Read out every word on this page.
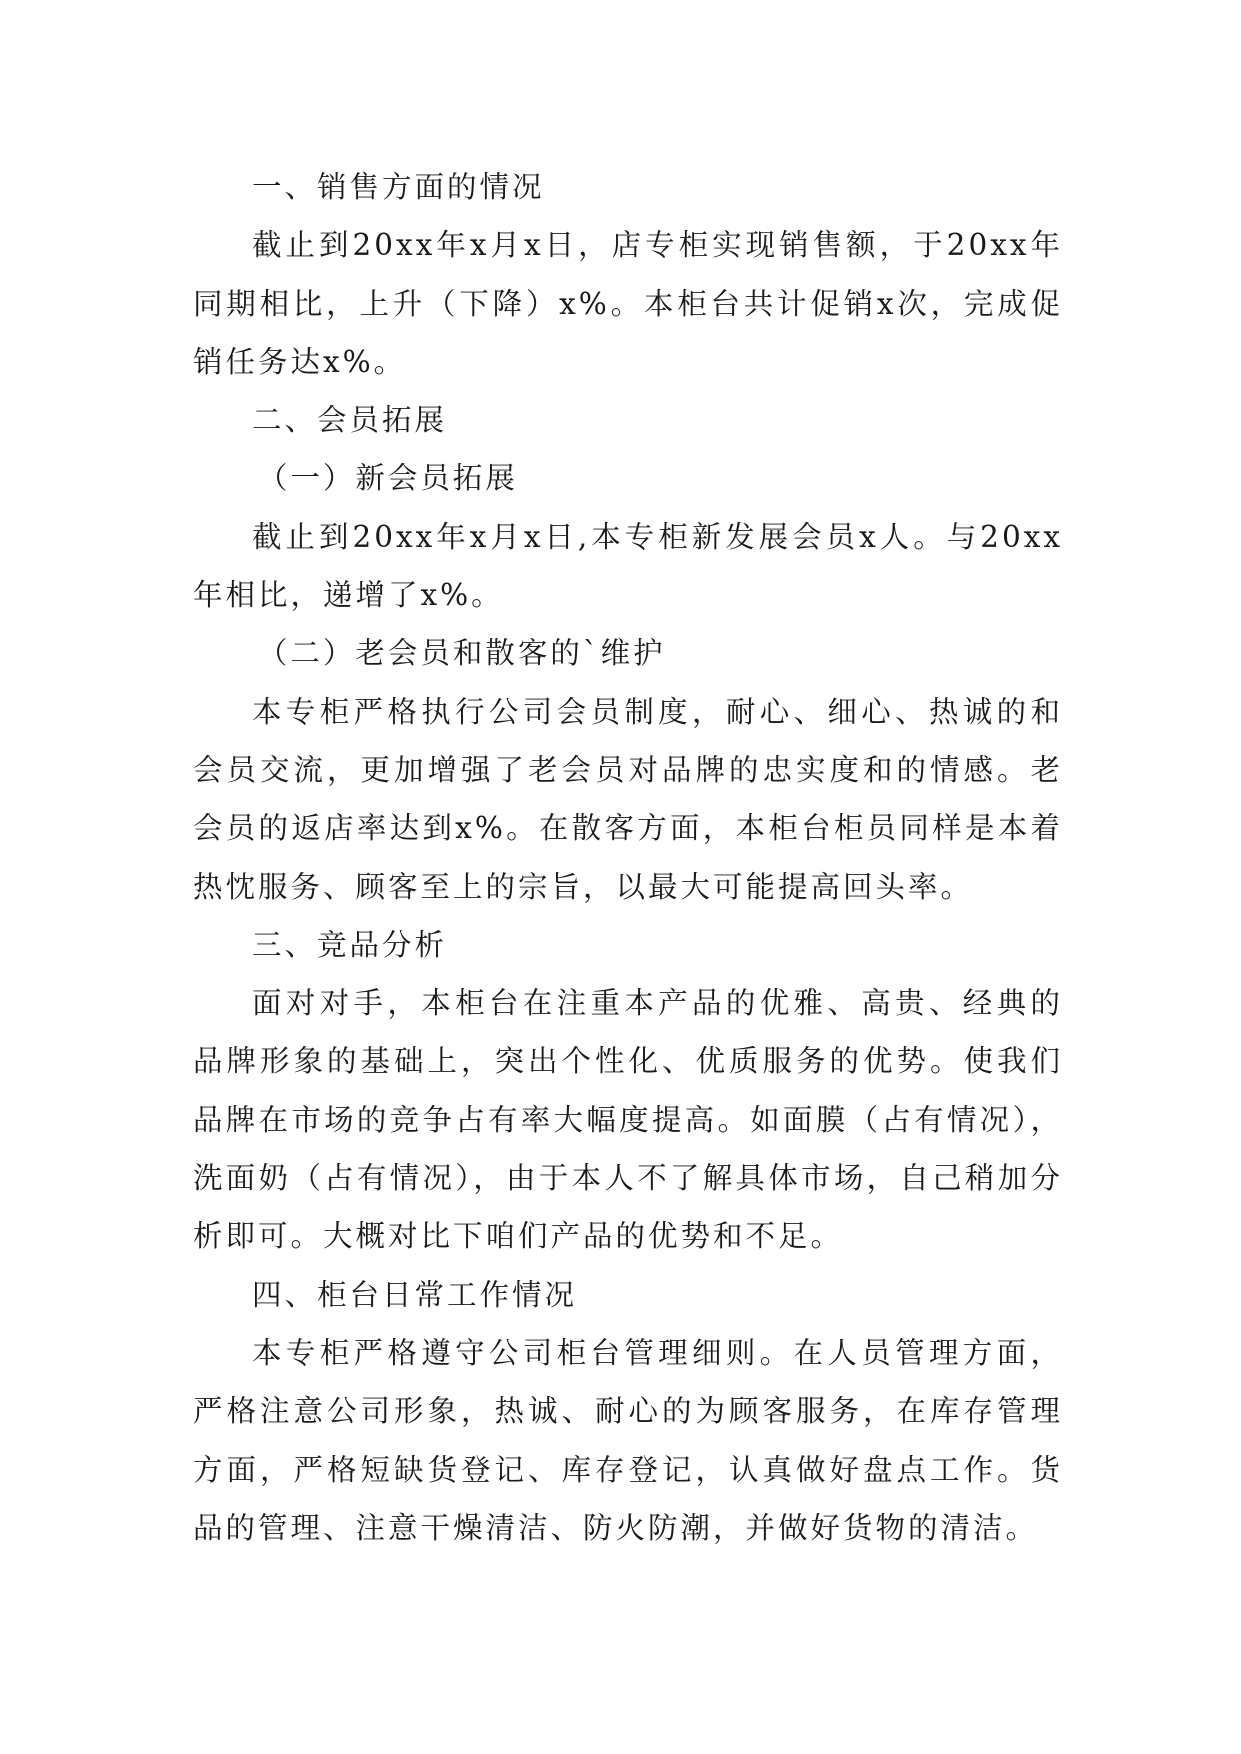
一、销售方面的情况

截止到20xx年x月x日，店专柜实现销售额，于20xx年同期相比，上升（下降）x%。本柜台共计促销x次，完成促销任务达x%。

二、会员拓展

（一）新会员拓展

截止到20xx年x月x日,本专柜新发展会员x人。与20xx年相比，递增了x%。

（二）老会员和散客的`维护

本专柜严格执行公司会员制度，耐心、细心、热诚的和会员交流，更加增强了老会员对品牌的忠实度和的情感。老会员的返店率达到x%。在散客方面，本柜台柜员同样是本着热忱服务、顾客至上的宗旨，以最大可能提高回头率。

三、竞品分析

面对对手，本柜台在注重本产品的优雅、高贵、经典的品牌形象的基础上，突出个性化、优质服务的优势。使我们品牌在市场的竞争占有率大幅度提高。如面膜（占有情况），洗面奶（占有情况），由于本人不了解具体市场，自己稍加分析即可。大概对比下咱们产品的优势和不足。

四、柜台日常工作情况

本专柜严格遵守公司柜台管理细则。在人员管理方面，严格注意公司形象，热诚、耐心的为顾客服务，在库存管理方面，严格短缺货登记、库存登记，认真做好盘点工作。货品的管理、注意干燥清洁、防火防潮，并做好货物的清洁。
